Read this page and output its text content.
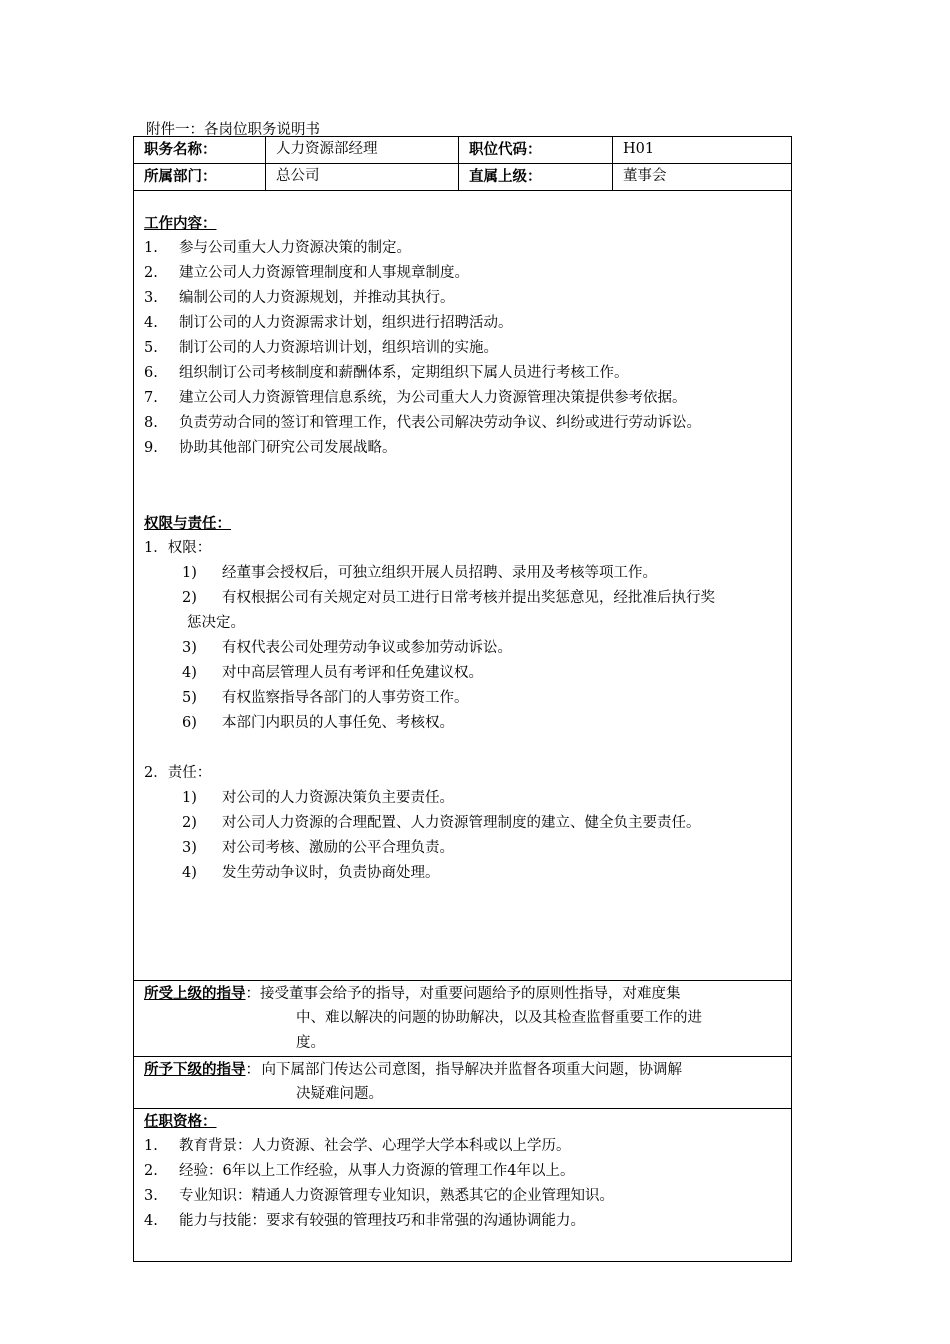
附件一：各岗位职务说明书
职务名称：	人力资源部经理	职位代码：	H01
所属部门：	总公司	直属上级：	董事会
工作内容：
1. 参与公司重大人力资源决策的制定。
2. 建立公司人力资源管理制度和人事规章制度。
3. 编制公司的人力资源规划，并推动其执行。
4. 制订公司的人力资源需求计划，组织进行招聘活动。
5. 制订公司的人力资源培训计划，组织培训的实施。
6. 组织制订公司考核制度和薪酬体系，定期组织下属人员进行考核工作。
7. 建立公司人力资源管理信息系统，为公司重大人力资源管理决策提供参考依据。
8. 负责劳动合同的签订和管理工作，代表公司解决劳动争议、纠纷或进行劳动诉讼。
9. 协助其他部门研究公司发展战略。
权限与责任：
1．权限：
1) 经董事会授权后，可独立组织开展人员招聘、录用及考核等项工作。
2) 有权根据公司有关规定对员工进行日常考核并提出奖惩意见，经批准后执行奖
惩决定。
3) 有权代表公司处理劳动争议或参加劳动诉讼。
4) 对中高层管理人员有考评和任免建议权。
5) 有权监察指导各部门的人事劳资工作。
6) 本部门内职员的人事任免、考核权。
2．责任：
1) 对公司的人力资源决策负主要责任。
2) 对公司人力资源的合理配置、人力资源管理制度的建立、健全负主要责任。
3) 对公司考核、激励的公平合理负责。
4) 发生劳动争议时，负责协商处理。
所受上级的指导：接受董事会给予的指导，对重要问题给予的原则性指导，对难度集
中、难以解决的问题的协助解决，以及其检查监督重要工作的进
度。
所予下级的指导： 向下属部门传达公司意图，指导解决并监督各项重大问题，协调解
决疑难问题。
任职资格：
1. 教育背景：人力资源、社会学、心理学大学本科或以上学历。
2. 经验：6年以上工作经验，从事人力资源的管理工作4年以上。
3. 专业知识：精通人力资源管理专业知识，熟悉其它的企业管理知识。
4. 能力与技能：要求有较强的管理技巧和非常强的沟通协调能力。
